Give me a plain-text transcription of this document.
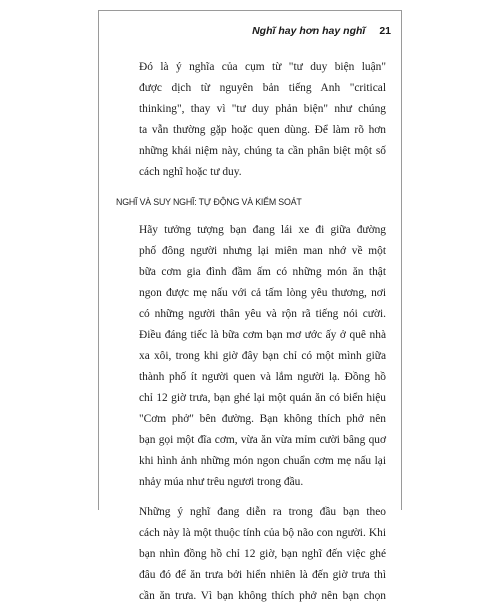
Nghĩ hay hơn hay nghĩ 21

Đó là ý nghĩa của cụm từ "tư duy biện luận"
được dịch từ nguyên bản tiếng Anh "critical
thinking", thay vì "tư duy phản biện" như chúng
ta vẫn thường gặp hoặc quen dùng. Để làm rõ hơn
những khái niệm này, chúng ta cần phân biệt một số
cách nghĩ hoặc tư duy.

NGHĨ VÀ SUY NGHĨ: TỰ ĐỘNG VÀ KIỂM SOÁT

Hãy tưởng tượng bạn đang lái xe đi giữa đường
phố đông người nhưng lại miên man nhớ về một
bữa cơm gia đình đầm ấm có những món ăn thật
ngon được mẹ nấu với cả tấm lòng yêu thương, nơi
có những người thân yêu và rộn rã tiếng nói cười.
Điều đáng tiếc là bữa cơm bạn mơ ước ấy ở quê nhà
xa xôi, trong khi giờ đây bạn chỉ có một mình giữa
thành phố ít người quen và lắm người lạ. Đồng hồ
chỉ 12 giờ trưa, bạn ghé lại một quán ăn có biển hiệu
"Cơm phở" bên đường. Bạn không thích phở nên
bạn gọi một đĩa cơm, vừa ăn vừa mỉm cười bâng quơ
khi hình ảnh những món ngon chuẩn cơm mẹ nấu lại
nhảy múa như trêu ngươi trong đầu.

Những ý nghĩ đang diễn ra trong đầu bạn theo
cách này là một thuộc tính của bộ não con người. Khi
bạn nhìn đồng hồ chỉ 12 giờ, bạn nghĩ đến việc ghé
đâu đó để ăn trưa bởi hiển nhiên là đến giờ trưa thì
cần ăn trưa. Vì bạn không thích phở nên bạn chọn
